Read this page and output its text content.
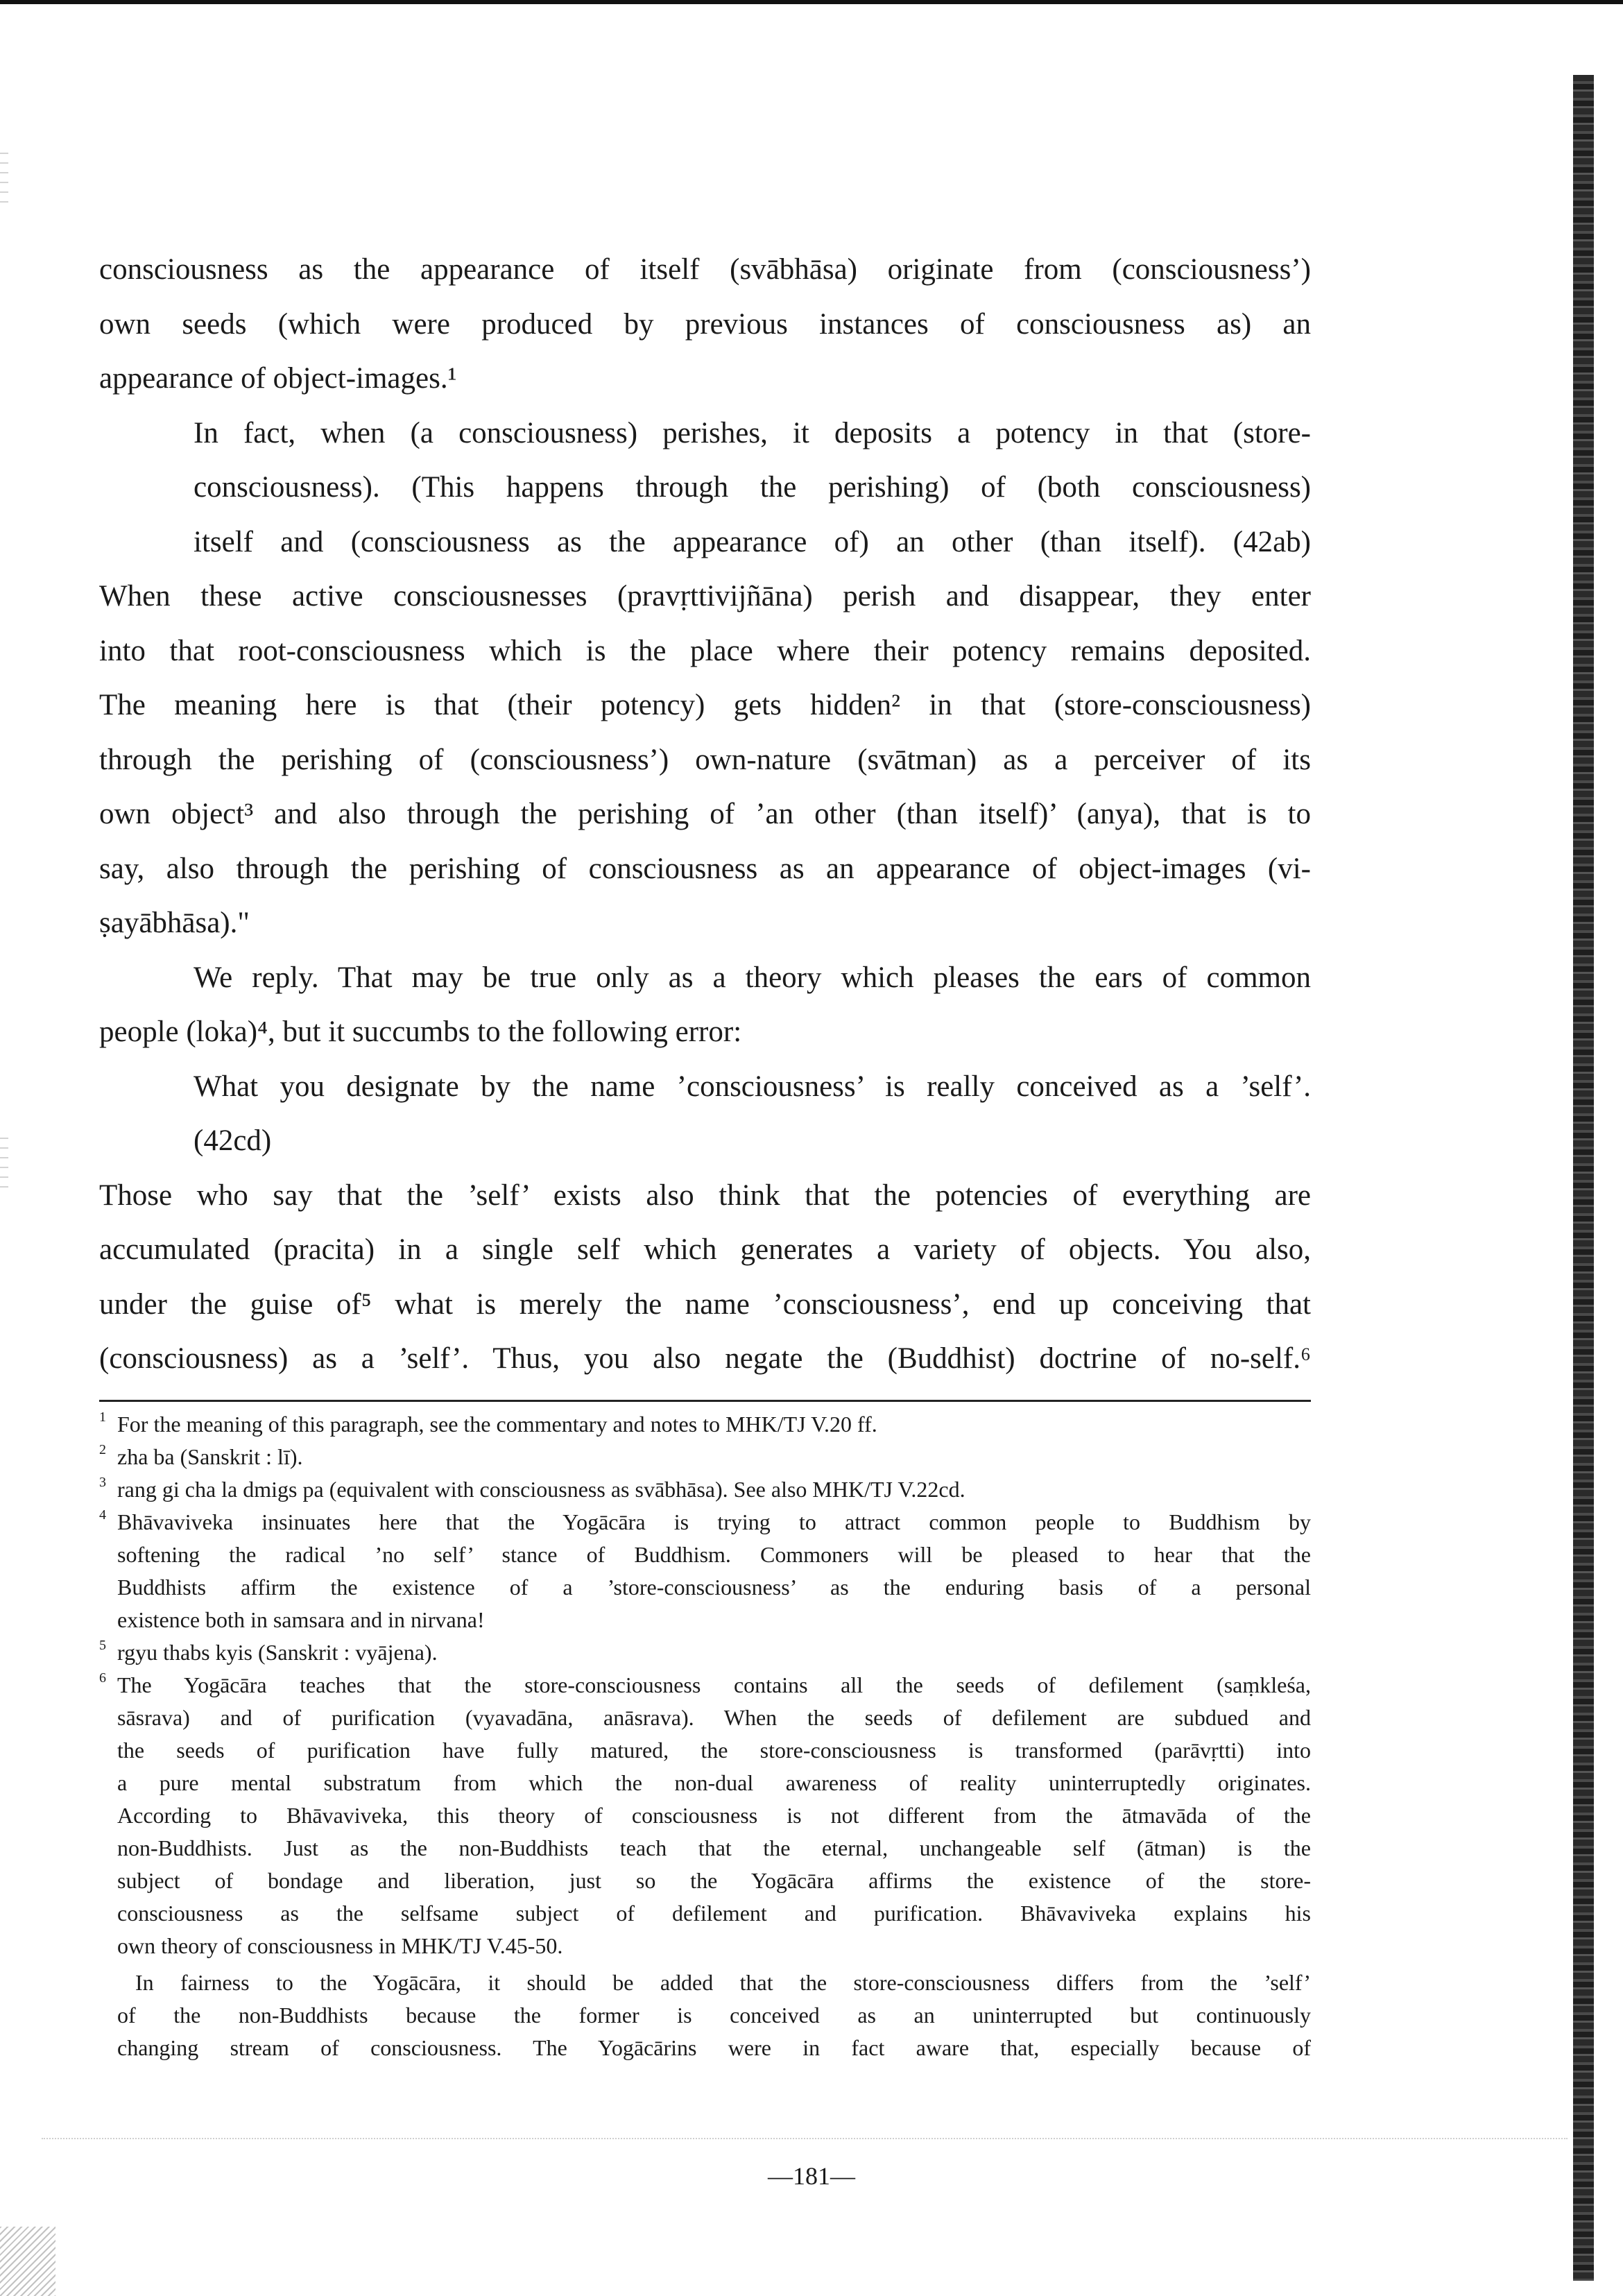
consciousness as the appearance of itself (svābhāsa) originate from (consciousness’)
own seeds (which were produced by previous instances of consciousness as) an
appearance of object-images.¹
In fact, when (a consciousness) perishes, it deposits a potency in that (store-
consciousness). (This happens through the perishing) of (both consciousness)
itself and (consciousness as the appearance of) an other (than itself). (42ab)
When these active consciousnesses (pravṛttivijñāna) perish and disappear, they enter
into that root-consciousness which is the place where their potency remains deposited.
The meaning here is that (their potency) gets hidden² in that (store-consciousness)
through the perishing of (consciousness’) own-nature (svātman) as a perceiver of its
own object³ and also through the perishing of ’an other (than itself)’ (anya), that is to
say, also through the perishing of consciousness as an appearance of object-images (vi-
ṣayābhāsa)."
We reply. That may be true only as a theory which pleases the ears of common
people (loka)⁴, but it succumbs to the following error:
What you designate by the name ’consciousness’ is really conceived as a ’self’.
(42cd)
Those who say that the ’self’ exists also think that the potencies of everything are
accumulated (pracita) in a single self which generates a variety of objects. You also,
under the guise of⁵ what is merely the name ’consciousness’, end up conceiving that
(consciousness) as a ’self’. Thus, you also negate the (Buddhist) doctrine of no-self.⁶
1 For the meaning of this paragraph, see the commentary and notes to MHK/TJ V.20 ff.
2 zha ba (Sanskrit : lī).
3 rang gi cha la dmigs pa (equivalent with consciousness as svābhāsa). See also MHK/TJ V.22cd.
4 Bhāvaviveka insinuates here that the Yogācāra is trying to attract common people to Buddhism by
softening the radical ’no self’ stance of Buddhism. Commoners will be pleased to hear that the
Buddhists affirm the existence of a ’store-consciousness’ as the enduring basis of a personal
existence both in samsara and in nirvana!
5 rgyu thabs kyis (Sanskrit : vyājena).
6 The Yogācāra teaches that the store-consciousness contains all the seeds of defilement (saṃkleśa,
sāsrava) and of purification (vyavadāna, anāsrava). When the seeds of defilement are subdued and
the seeds of purification have fully matured, the store-consciousness is transformed (parāvṛtti) into
a pure mental substratum from which the non-dual awareness of reality uninterruptedly originates.
According to Bhāvaviveka, this theory of consciousness is not different from the ātmavāda of the
non-Buddhists. Just as the non-Buddhists teach that the eternal, unchangeable self (ātman) is the
subject of bondage and liberation, just so the Yogācāra affirms the existence of the store-
consciousness as the selfsame subject of defilement and purification. Bhāvaviveka explains his
own theory of consciousness in MHK/TJ V.45-50.
In fairness to the Yogācāra, it should be added that the store-consciousness differs from the ’self’
of the non-Buddhists because the former is conceived as an uninterrupted but continuously
changing stream of consciousness. The Yogācārins were in fact aware that, especially because of
—181—
